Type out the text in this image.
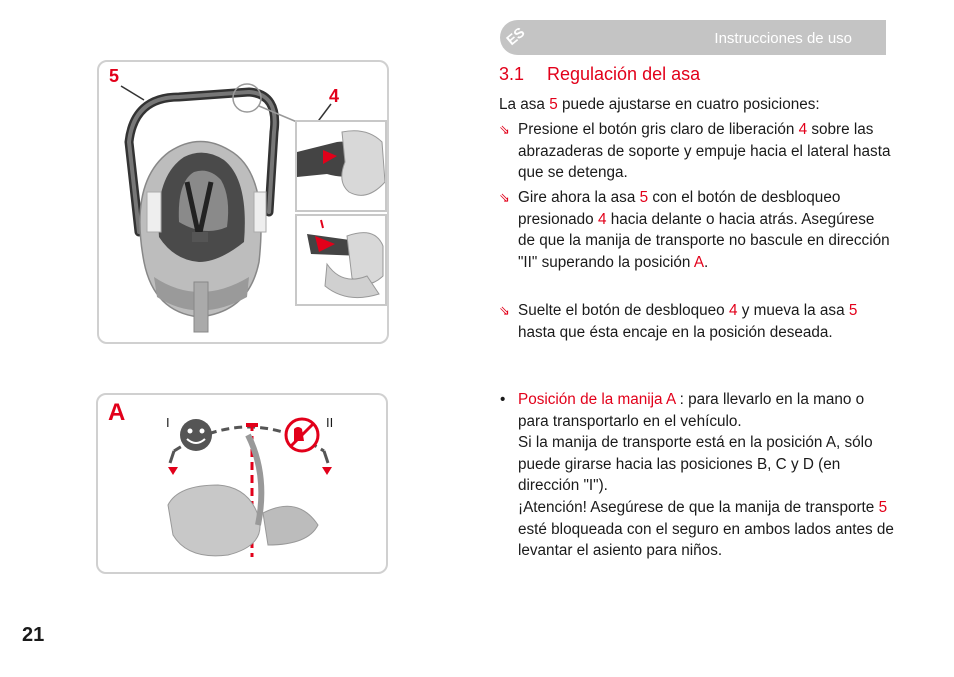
ES	Instrucciones de uso
5
4
A	I	II
3.1 Regulación del asa
La asa 5 puede ajustarse en cuatro posiciones:
⇘ Presione el botón gris claro de liberación 4 sobre las abrazaderas de soporte y empuje hacia el lateral hasta que se detenga.
⇘ Gire ahora la asa 5 con el botón de desbloqueo presionado 4 hacia delante o hacia atrás. Asegúrese de que la manija de transporte no bascule en dirección "II" superando la posición A.
⇘ Suelte el botón de desbloqueo 4 y mueva la asa 5 hasta que ésta encaje en la posición deseada.
• Posición de la manija A : para llevarlo en la mano o para transportarlo en el vehículo.
Si la manija de transporte está en la posición A, sólo puede girarse hacia las posiciones B, C y D (en dirección "I").
¡Atención! Asegúrese de que la manija de transporte 5 esté bloqueada con el seguro en ambos lados antes de levantar el asiento para niños.
21
